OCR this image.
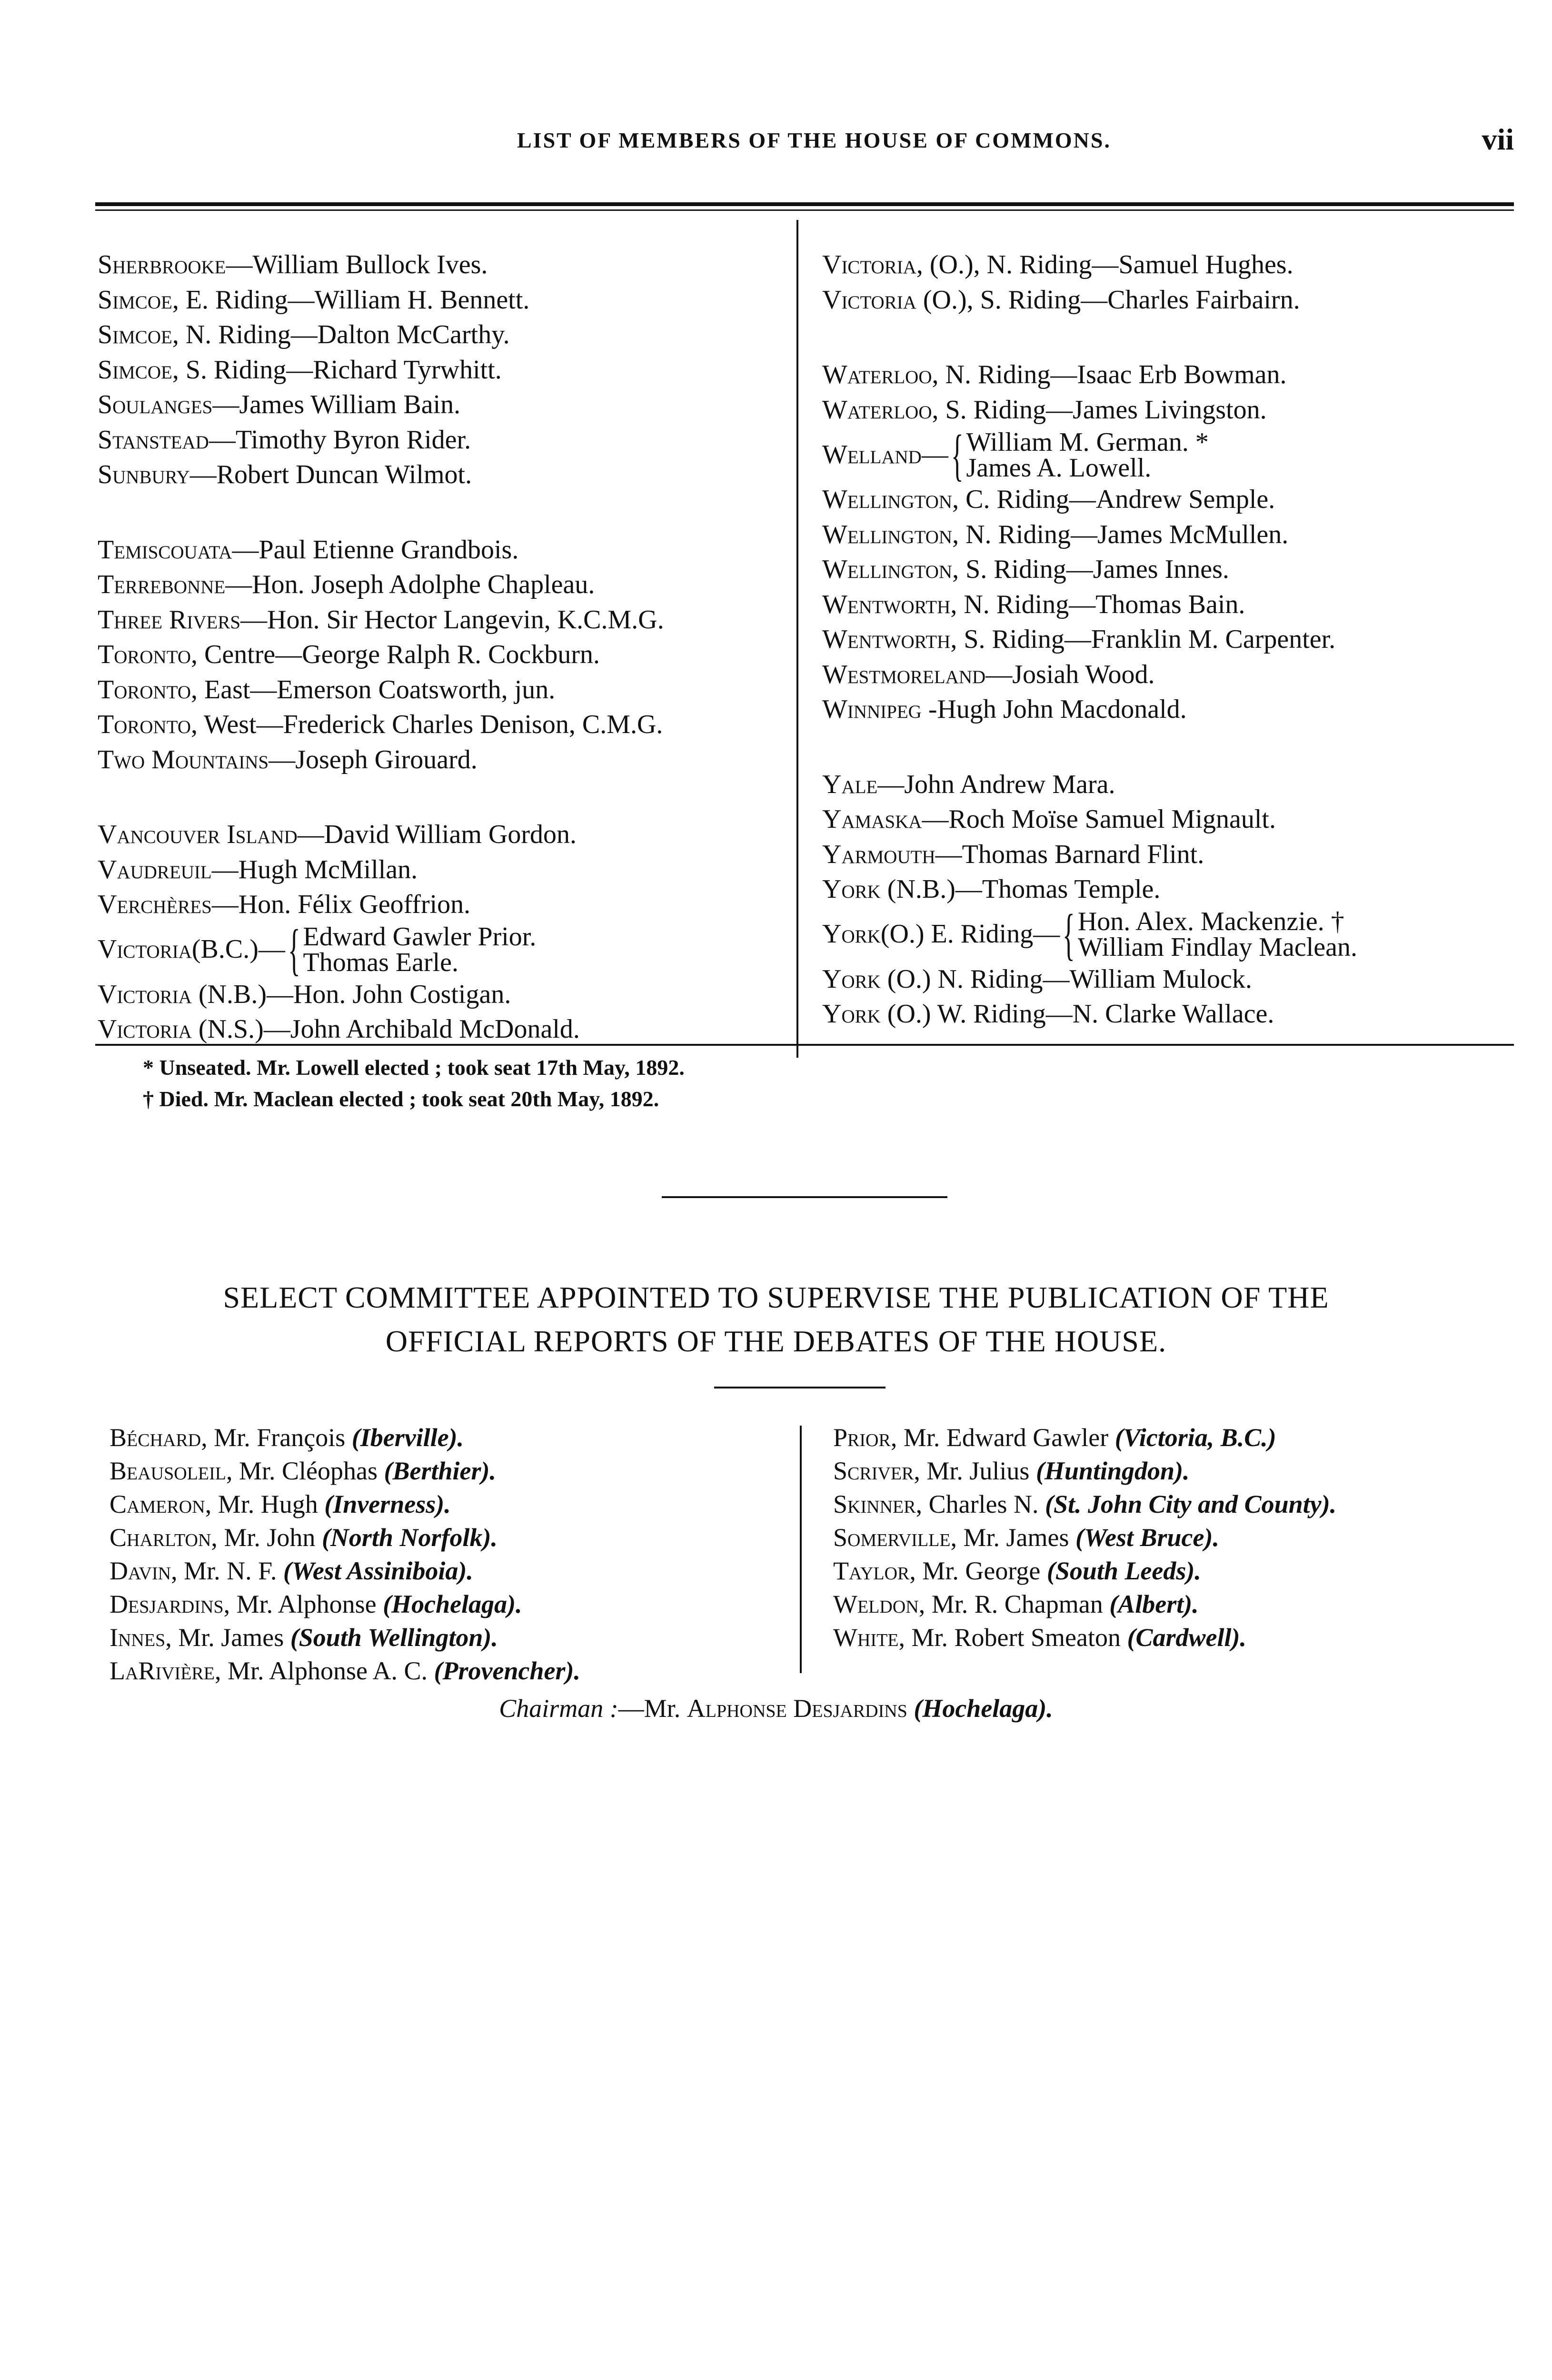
LIST OF MEMBERS OF THE HOUSE OF COMMONS.	vii
Sherbrooke—William Bullock Ives.
Simcoe, E. Riding—William H. Bennett.
Simcoe, N. Riding—Dalton McCarthy.
Simcoe, S. Riding—Richard Tyrwhitt.
Soulanges—James William Bain.
Stanstead—Timothy Byron Rider.
Sunbury—Robert Duncan Wilmot.
Temiscouata—Paul Etienne Grandbois.
Terrebonne—Hon. Joseph Adolphe Chapleau.
Three Rivers—Hon. Sir Hector Langevin, K.C.M.G.
Toronto, Centre—George Ralph R. Cockburn.
Toronto, East—Emerson Coatsworth, jun.
Toronto, West—Frederick Charles Denison, C.M.G.
Two Mountains—Joseph Girouard.
Vancouver Island—David William Gordon.
Vaudreuil—Hugh McMillan.
Verchères—Hon. Félix Geoffrion.
Victoria (B.C.)— { Edward Gawler Prior.
Thomas Earle.
Victoria (N.B.)—Hon. John Costigan.
Victoria (N.S.)—John Archibald McDonald.
Victoria, (O.), N. Riding—Samuel Hughes.
Victoria (O.), S. Riding—Charles Fairbairn.
Waterloo, N. Riding—Isaac Erb Bowman.
Waterloo, S. Riding—James Livingston.
Welland — { William M. German. *
James A. Lowell.
Wellington, C. Riding—Andrew Semple.
Wellington, N. Riding—James McMullen.
Wellington, S. Riding—James Innes.
Wentworth, N. Riding—Thomas Bain.
Wentworth, S. Riding—Franklin M. Carpenter.
Westmoreland—Josiah Wood.
Winnipeg -Hugh John Macdonald.
Yale—John Andrew Mara.
Yamaska—Roch Moïse Samuel Mignault.
Yarmouth—Thomas Barnard Flint.
York (N.B.)—Thomas Temple.
York (O.) E. Riding— { Hon. Alex. Mackenzie. †
William Findlay Maclean.
York (O.) N. Riding—William Mulock.
York (O.) W. Riding—N. Clarke Wallace.
* Unseated. Mr. Lowell elected ; took seat 17th May, 1892.
† Died. Mr. Maclean elected ; took seat 20th May, 1892.
SELECT COMMITTEE APPOINTED TO SUPERVISE THE PUBLICATION OF THE
OFFICIAL REPORTS OF THE DEBATES OF THE HOUSE.
Béchard, Mr. François (Iberville).
Beausoleil, Mr. Cléophas (Berthier).
Cameron, Mr. Hugh (Inverness).
Charlton, Mr. John (North Norfolk).
Davin, Mr. N. F. (West Assiniboia).
Desjardins, Mr. Alphonse (Hochelaga).
Innes, Mr. James (South Wellington).
LaRivière, Mr. Alphonse A. C. (Provencher).
Prior, Mr. Edward Gawler (Victoria, B.C.)
Scriver, Mr. Julius (Huntingdon).
Skinner, Charles N. (St. John City and County).
Somerville, Mr. James (West Bruce).
Taylor, Mr. George (South Leeds).
Weldon, Mr. R. Chapman (Albert).
White, Mr. Robert Smeaton (Cardwell).
Chairman :—Mr. Alphonse Desjardins (Hochelaga).
